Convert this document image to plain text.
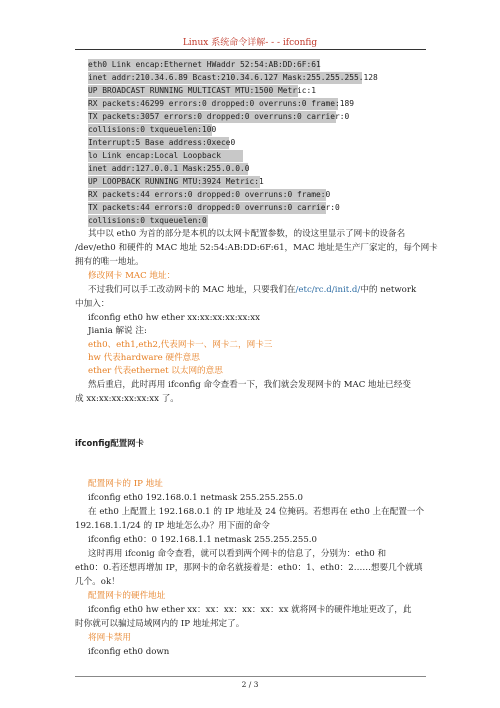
Linux 系统命令详解- - - ifconfig
eth0 Link encap:Ethernet HWaddr 52:54:AB:DD:6F:61
inet addr:210.34.6.89 Bcast:210.34.6.127 Mask:255.255.255.128
UP BROADCAST RUNNING MULTICAST MTU:1500 Metric:1
RX packets:46299 errors:0 dropped:0 overruns:0 frame:189
TX packets:3057 errors:0 dropped:0 overruns:0 carrier:0
collisions:0 txqueuelen:100
Interrupt:5 Base address:0xece0
lo Link encap:Local Loopback
inet addr:127.0.0.1 Mask:255.0.0.0
UP LOOPBACK RUNNING MTU:3924 Metric:1
RX packets:44 errors:0 dropped:0 overruns:0 frame:0
TX packets:44 errors:0 dropped:0 overruns:0 carrier:0
collisions:0 txqueuelen:0
其中以 eth0 为首的部分是本机的以太网卡配置参数，的设这里显示了网卡的设备名
/dev/eth0 和硬件的 MAC 地址 52:54:AB:DD:6F:61，MAC 地址是生产厂家定的，每个网卡
拥有的唯一地址。
修改网卡 MAC 地址：
不过我们可以手工改动网卡的 MAC 地址，只要我们在/etc/rc.d/init.d/中的 network
中加入：
ifconfig eth0 hw ether xx:xx:xx:xx:xx:xx
Jiania 解说 注:
eth0、eth1,eth2,代表网卡一、网卡二，网卡三
hw 代表hardware 硬件意思
ether 代表ethernet 以太网的意思
然后重启，此时再用 ifconfig 命令查看一下，我们就会发现网卡的 MAC 地址已经变
成 xx:xx:xx:xx:xx:xx 了。
ifconfig配置网卡
配置网卡的 IP 地址
ifconfig eth0 192.168.0.1 netmask 255.255.255.0
在 eth0 上配置上 192.168.0.1 的 IP 地址及 24 位掩码。若想再在 eth0 上在配置一个
192.168.1.1/24 的 IP 地址怎么办？用下面的命令
ifconfig eth0：0 192.168.1.1 netmask 255.255.255.0
这时再用 ifconig 命令查看，就可以看到两个网卡的信息了，分别为：eth0 和
eth0：0.若还想再增加 IP，那网卡的命名就接着是：eth0：1、eth0：2……想要几个就填
几个。ok！
配置网卡的硬件地址
ifconfig eth0 hw ether xx：xx：xx：xx：xx：xx 就将网卡的硬件地址更改了，此
时你就可以骗过局域网内的 IP 地址邦定了。
将网卡禁用
ifconfig eth0 down
2 / 3
